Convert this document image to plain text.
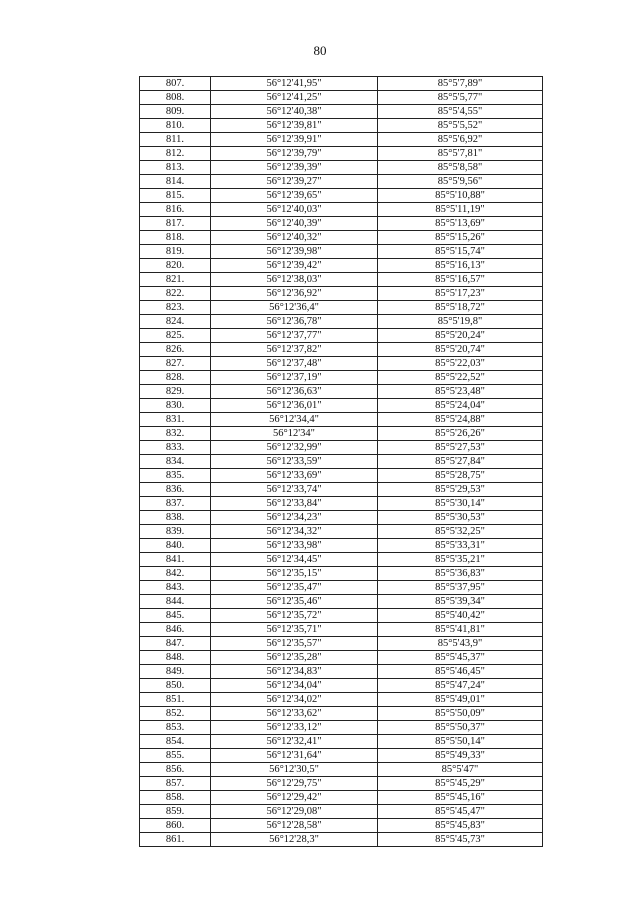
80
807.	56°12'41,95"	85°5'7,89"
808.	56°12'41,25"	85°5'5,77"
809.	56°12'40,38"	85°5'4,55"
810.	56°12'39,81"	85°5'5,52"
811.	56°12'39,91"	85°5'6,92"
812.	56°12'39,79"	85°5'7,81"
813.	56°12'39,39"	85°5'8,58"
814.	56°12'39,27"	85°5'9,56"
815.	56°12'39,65"	85°5'10,88"
816.	56°12'40,03"	85°5'11,19"
817.	56°12'40,39"	85°5'13,69"
818.	56°12'40,32"	85°5'15,26"
819.	56°12'39,98"	85°5'15,74"
820.	56°12'39,42"	85°5'16,13"
821.	56°12'38,03"	85°5'16,57"
822.	56°12'36,92"	85°5'17,23"
823.	56°12'36,4"	85°5'18,72"
824.	56°12'36,78"	85°5'19,8"
825.	56°12'37,77"	85°5'20,24"
826.	56°12'37,82"	85°5'20,74"
827.	56°12'37,48"	85°5'22,03"
828.	56°12'37,19"	85°5'22,52"
829.	56°12'36,63"	85°5'23,48"
830.	56°12'36,01"	85°5'24,04"
831.	56°12'34,4"	85°5'24,88"
832.	56°12'34"	85°5'26,26"
833.	56°12'32,99"	85°5'27,53"
834.	56°12'33,59"	85°5'27,84"
835.	56°12'33,69"	85°5'28,75"
836.	56°12'33,74"	85°5'29,53"
837.	56°12'33,84"	85°5'30,14"
838.	56°12'34,23"	85°5'30,53"
839.	56°12'34,32"	85°5'32,25"
840.	56°12'33,98"	85°5'33,31"
841.	56°12'34,45"	85°5'35,21"
842.	56°12'35,15"	85°5'36,83"
843.	56°12'35,47"	85°5'37,95"
844.	56°12'35,46"	85°5'39,34"
845.	56°12'35,72"	85°5'40,42"
846.	56°12'35,71"	85°5'41,81"
847.	56°12'35,57"	85°5'43,9"
848.	56°12'35,28"	85°5'45,37"
849.	56°12'34,83"	85°5'46,45"
850.	56°12'34,04"	85°5'47,24"
851.	56°12'34,02"	85°5'49,01"
852.	56°12'33,62"	85°5'50,09"
853.	56°12'33,12"	85°5'50,37"
854.	56°12'32,41"	85°5'50,14"
855.	56°12'31,64"	85°5'49,33"
856.	56°12'30,5"	85°5'47"
857.	56°12'29,75"	85°5'45,29"
858.	56°12'29,42"	85°5'45,16"
859.	56°12'29,08"	85°5'45,47"
860.	56°12'28,58"	85°5'45,83"
861.	56°12'28,3"	85°5'45,73"
